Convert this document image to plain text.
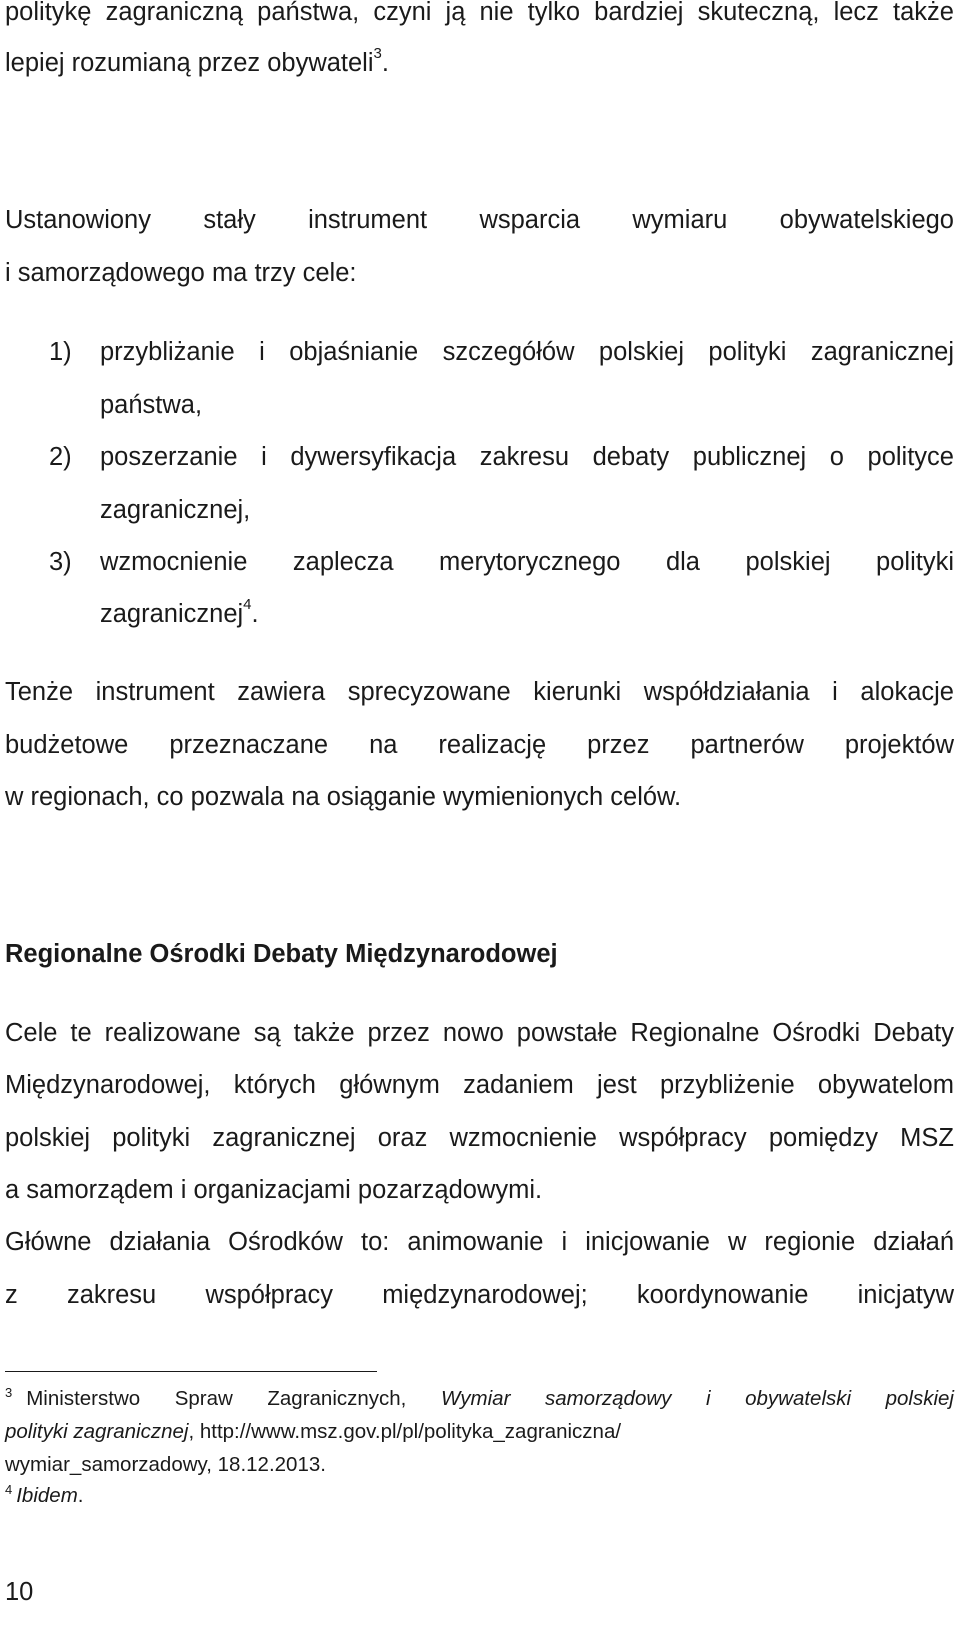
politykę zagraniczną państwa, czyni ją nie tylko bardziej skuteczną, lecz także
lepiej rozumianą przez obywateli$^3$.
Ustanowiony stały instrument wsparcia wymiaru obywatelskiego
i samorządowego ma trzy cele:
1)	przybliżanie i objaśnianie szczegółów polskiej polityki zagranicznej
państwa,
2)	poszerzanie i dywersyfikacja zakresu debaty publicznej o polityce
zagranicznej,
3)	wzmocnienie zaplecza merytorycznego dla polskiej polityki
zagranicznej$^4$.
Tenże instrument zawiera sprecyzowane kierunki współdziałania i alokacje
budżetowe przeznaczane na realizację przez partnerów projektów
w regionach, co pozwala na osiąganie wymienionych celów.
Regionalne Ośrodki Debaty Międzynarodowej
Cele te realizowane są także przez nowo powstałe Regionalne Ośrodki Debaty
Międzynarodowej, których głównym zadaniem jest przybliżenie obywatelom
polskiej polityki zagranicznej oraz wzmocnienie współpracy pomiędzy MSZ
a samorządem i organizacjami pozarządowymi.
Główne działania Ośrodków to: animowanie i inicjowanie w regionie działań
z zakresu współpracy międzynarodowej; koordynowanie inicjatyw
$^3$ Ministerstwo Spraw Zagranicznych, Wymiar samorządowy i obywatelski polskiej
polityki zagranicznej, http://www.msz.gov.pl/pl/polityka_zagraniczna/
wymiar_samorzadowy, 18.12.2013.
$^4$ Ibidem.
10
